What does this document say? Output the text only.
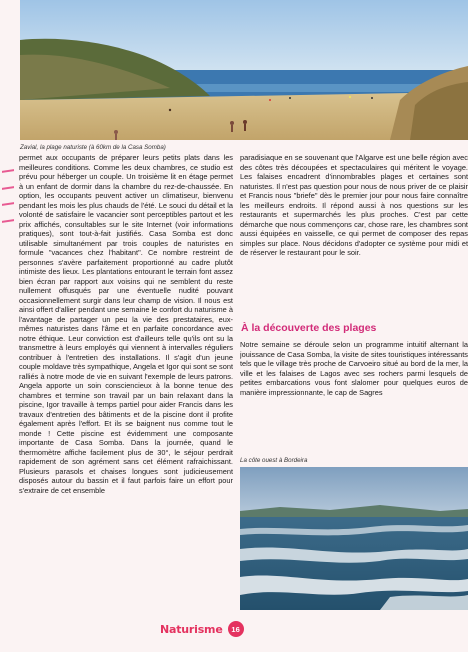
Zavial, la plage naturiste (à 60km de la Casa Somba)

permet aux occupants de préparer leurs petits plats dans les meilleures conditions. Comme les deux chambres, ce studio est prévu pour héberger un couple. Un troisième lit en étage permet à un enfant de dormir dans la chambre du rez-de-chaussée. En option, les occupants peuvent activer un climatiseur, bienvenu pendant les mois les plus chauds de l'été. Le souci du détail et la volonté de satisfaire le vacancier sont perceptibles partout et les prix affichés, consultables sur le site Internet (voir informations pratiques), sont tout-à-fait justifiés. Casa Somba est donc utilisable simultanément par trois couples de naturistes en formule "vacances chez l'habitant". Ce nombre restreint de personnes s'avère parfaitement proportionné au cadre plutôt intimiste des lieux. Les plantations entourant le terrain font assez bien écran par rapport aux voisins qui ne semblent du reste nullement offusqués par une éventuelle nudité pouvant occasionnellement surgir dans leur champ de vision. Il nous est ainsi offert d'allier pendant une semaine le confort du naturisme à l'avantage de partager un peu la vie des prestataires, eux-mêmes naturistes dans l'âme et en parfaite concordance avec notre éthique. Leur conviction est d'ailleurs telle qu'ils ont su la transmettre à leurs employés qui viennent à intervalles réguliers contribuer à l'entretien des installations. Il s'agit d'un jeune couple moldave très sympathique, Angela et Igor qui sont se sont ralliés à notre mode de vie en suivant l'exemple de leurs patrons. Angela apporte un soin consciencieux à la bonne tenue des chambres et termine son travail par un bain relaxant dans la piscine, Igor travaille à temps partiel pour aider Francis dans les travaux d'entretien des bâtiments et de la piscine dont il profite également après l'effort. Et ils se baignent nus comme tout le monde ! Cette piscine est évidemment une composante importante de Casa Somba. Dans la journée, quand le thermomètre affiche facilement plus de 30°, le séjour perdrait rapidement de son agrément sans cet élément rafraichissant. Plusieurs parasols et chaises longues sont judicieusement disposés autour du bassin et il faut parfois faire un effort pour s'extraire de cet ensemble

paradisiaque en se souvenant que l'Algarve est une belle région avec des côtes très découpées et spectaculaires qui méritent le voyage. Les falaises encadrent d'innombrables plages et certaines sont naturistes. Il n'est pas question pour nous de nous priver de ce plaisir et Francis nous "briefe" dès le premier jour pour nous faire connaître les meilleurs endroits. Il répond aussi à nos questions sur les restaurants et supermarchés les plus proches. C'est par cette démarche que nous commençons car, chose rare, les chambres sont aussi équipées en vaisselle, ce qui permet de composer des repas simples sur place. Nous décidons d'adopter ce système pour midi et de réserver le restaurant pour le soir.

À la découverte des plages

Notre semaine se déroule selon un programme intuitif alternant la jouissance de Casa Somba, la visite de sites touristiques intéressants tels que le village très proche de Carvoeiro situé au bord de la mer, la ville et les falaises de Lagos avec ses rochers parmi lesquels de petites embarcations vous font slalomer pour quelques euros de manière impressionnante, le cap de Sagres

La côte ouest à Bordeira
Naturisme	16
